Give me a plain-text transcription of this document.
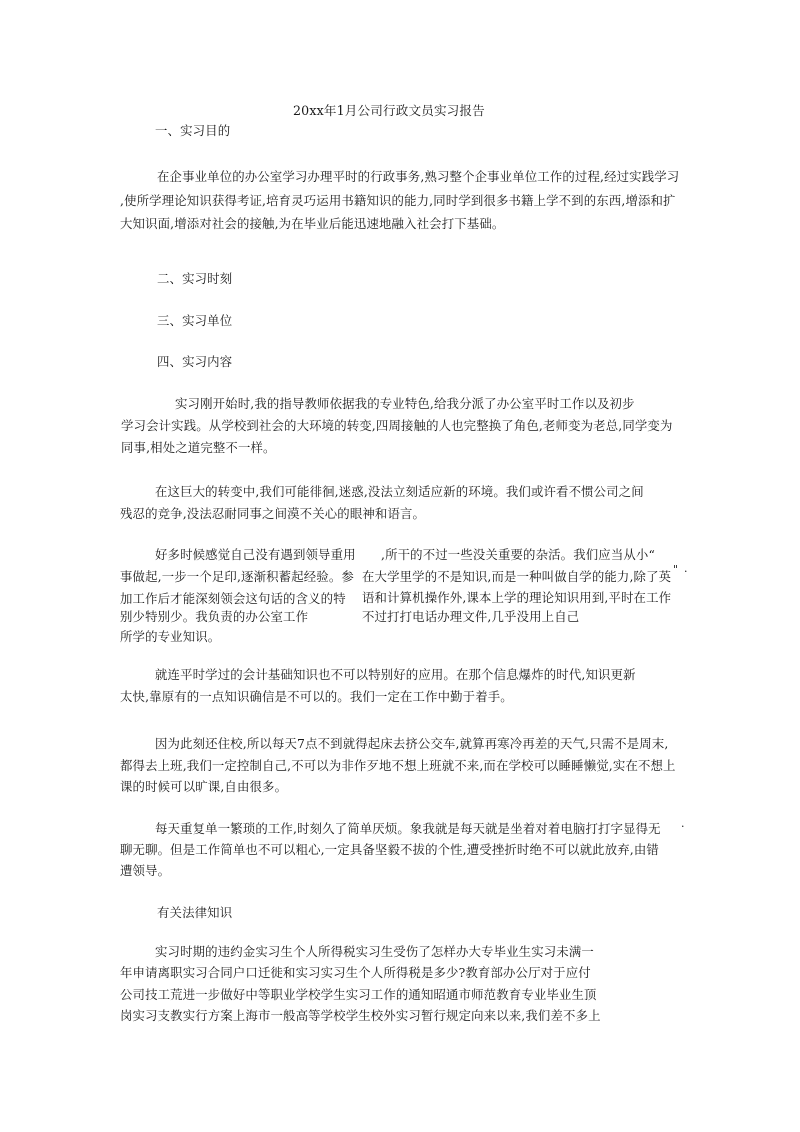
20xx年1月公司行政文员实习报告
一、实习目的
在企事业单位的办公室学习办理平时的行政事务,熟习整个企事业单位工作的过程,经过实践学习
,使所学理论知识获得考证,培育灵巧运用书籍知识的能力,同时学到很多书籍上学不到的东西,增添和扩
大知识面,增添对社会的接触,为在毕业后能迅速地融入社会打下基础。
二、实习时刻
三、实习单位
四、实习内容
实习刚开始时,我的指导教师依据我的专业特色,给我分派了办公室平时工作以及初步
学习会计实践。从学校到社会的大环境的转变,四周接触的人也完整换了角色,老师变为老总,同学变为
同事,相处之道完整不一样。
在这巨大的转变中,我们可能徘徊,迷惑,没法立刻适应新的环境。我们或许看不惯公司之间
残忍的竞争,没法忍耐同事之间漠不关心的眼神和语言。
好多时候感觉自己没有遇到领导重用
事做起,一步一个足印,逐渐积蓄起经验。参
加工作后才能深刻领会这句话的含义的特
别少特别少。我负责的办公室工作
所学的专业知识。
,所干的不过一些没关重要的杂活。我们应当从小“
在大学里学的不是知识,而是一种叫做自学的能力,除了英
语和计算机操作外,课本上学的理论知识用到,平时在工作
不过打打电话办理文件,几乎没用上自己
" ·
就连平时学过的会计基础知识也不可以特别好的应用。在那个信息爆炸的时代,知识更新
太快,靠原有的一点知识确信是不可以的。我们一定在工作中勤于着手。
因为此刻还住校,所以每天7点不到就得起床去挤公交车,就算再寒冷再差的天气,只需不是周末,
都得去上班,我们一定控制自己,不可以为非作歹地不想上班就不来,而在学校可以睡睡懒觉,实在不想上
课的时候可以旷课,自由很多。
每天重复单一繁琐的工作,时刻久了简单厌烦。象我就是每天就是坐着对着电脑打打字显得无
聊无聊。但是工作简单也不可以粗心,一定具备坚毅不拔的个性,遭受挫折时绝不可以就此放弃,由错
遭领导。
·
有关法律知识
实习时期的违约金实习生个人所得税实习生受伤了怎样办大专毕业生实习未满一
年申请离职实习合同户口迁徙和实习实习生个人所得税是多少?教育部办公厅对于应付
公司技工荒进一步做好中等职业学校学生实习工作的通知昭通市师范教育专业毕业生顶
岗实习支教实行方案上海市一般高等学校学生校外实习暂行规定向来以来,我们差不多上
